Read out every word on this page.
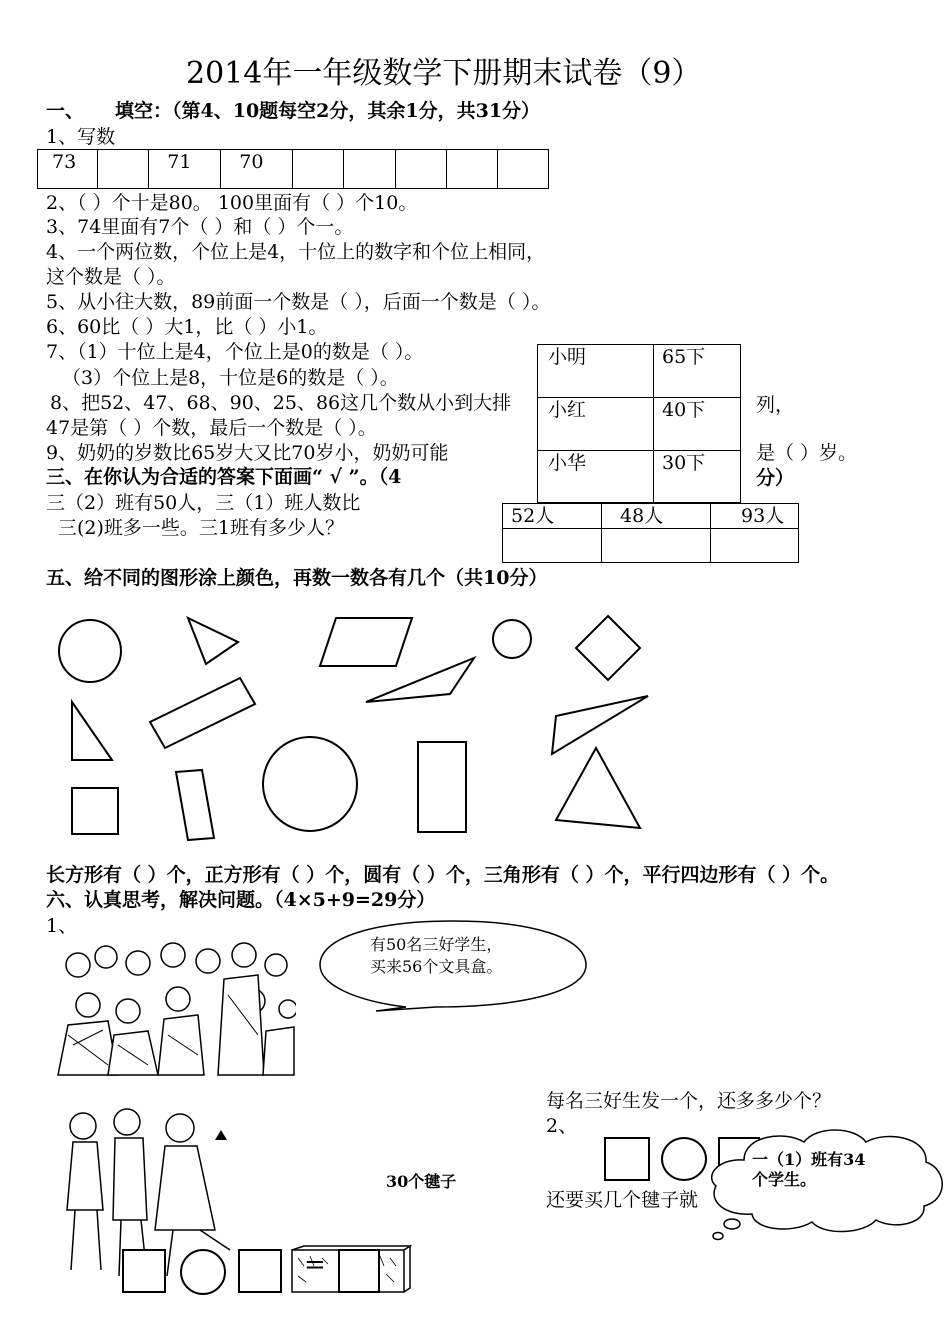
2014年一年级数学下册期末试卷（9）
一、 填空：（第4、10题每空2分，其余1分，共31分）
1、写数
73		71	70					
2、（ ）个十是80。 100里面有（ ）个10。
3、74里面有7个（ ）和（ ）个一。
4、一个两位数，个位上是4，十位上的数字和个位上相同，
这个数是（ ）。
5、从小往大数，89前面一个数是（ ），后面一个数是（ ）。
6、60比（ ）大1，比（ ）小1。
7、（1）十位上是4，个位上是0的数是（ ）。
（3）个位上是8，十位是6的数是（ ）。
8、把52、47、68、90、25、86这几个数从小到大排	列，
47是第（ ）个数，最后一个数是（ ）。
9、奶奶的岁数比65岁大又比70岁小，奶奶可能	是（ ）岁。
小明	65下
小红	40下
小华	30下
三、在你认为合适的答案下面画“ √ ”。（4	分）
三（2）班有50人，三（1）班人数比
三(2)班多一些。三1班有多少人？
52人	48人	93人

五、给不同的图形涂上颜色，再数一数各有几个（共10分）
长方形有（ ）个，正方形有（ ）个，圆有（ ）个，三角形有（ ）个，平行四边形有（ ）个。
六、认真思考，解决问题。（4×5+9=29分）
1、
有50名三好学生，
买来56个文具盒。
每名三好生发一个，还多多少个？
2、
30个毽子
还要买几个毽子就
一（1）班有34
个学生。
=
